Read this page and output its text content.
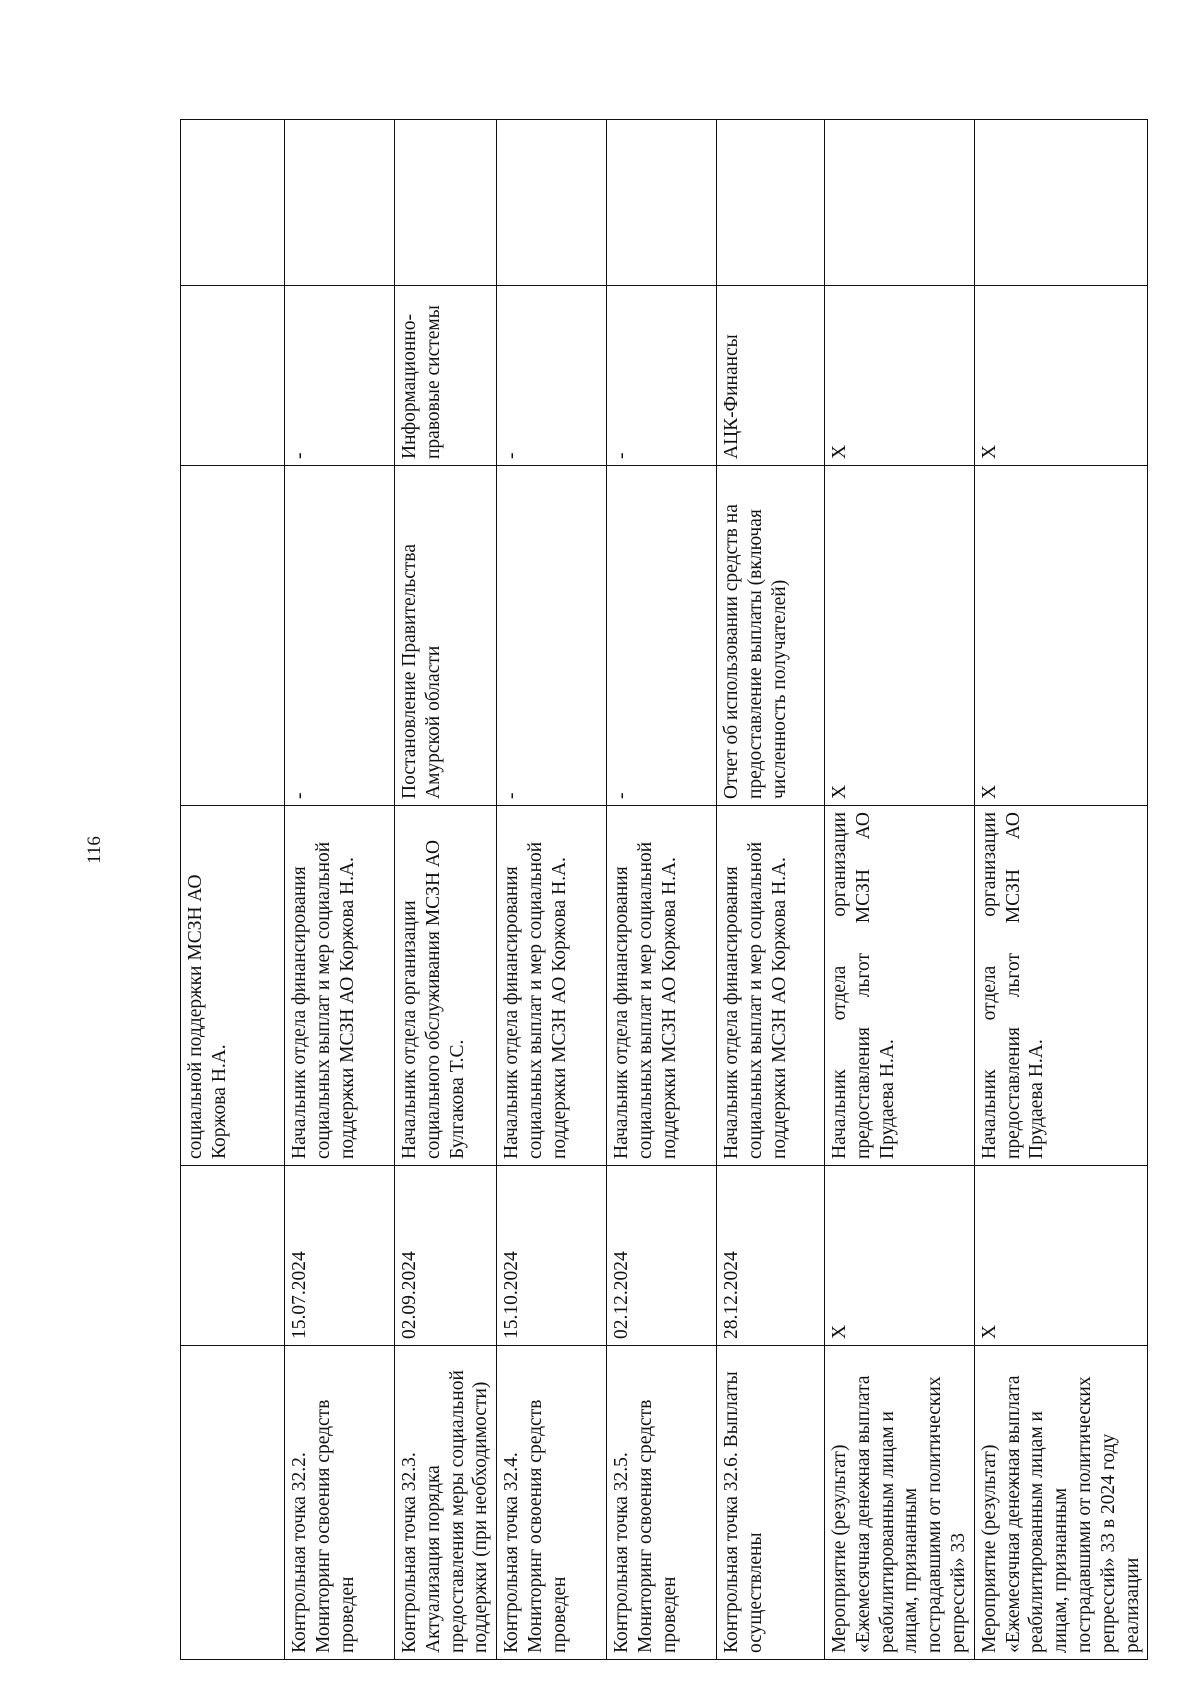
116
		социальной поддержки МСЗН АО Коржова Н.А.			
Контрольная точка 32.2. Мониторинг освоения средств проведен	15.07.2024	Начальник отдела финансирования социальных выплат и мер социальной поддержки МСЗН АО Коржова Н.А.	-	-	
Контрольная точка 32.3. Актуализация порядка предоставления меры социальной поддержки (при необходимости)	02.09.2024	Начальник отдела организации социального обслуживания МСЗН АО Булгакова Т.С.	Постановление Правительства Амурской области	Информационно-правовые системы	
Контрольная точка 32.4. Мониторинг освоения средств проведен	15.10.2024	Начальник отдела финансирования социальных выплат и мер социальной поддержки МСЗН АО Коржова Н.А.	-	-	
Контрольная точка 32.5. Мониторинг освоения средств проведен	02.12.2024	Начальник отдела финансирования социальных выплат и мер социальной поддержки МСЗН АО Коржова Н.А.	-	-	
Контрольная точка 32.6. Выплаты осуществлены	28.12.2024	Начальник отдела финансирования социальных выплат и мер социальной поддержки МСЗН АО Коржова Н.А.	Отчет об использовании средств на предоставление выплаты (включая численность получателей)	АЦК-Финансы	
Мероприятие (результат) «Ежемесячная денежная выплата реабилитированным лицам и лицам, признанным пострадавшими от политических репрессий» 33	X	Начальник отдела организации предоставления льгот МСЗН АО Прудаева Н.А.	X	X	
Мероприятие (результат) «Ежемесячная денежная выплата реабилитированным лицам и лицам, признанным пострадавшими от политических репрессий» 33 в 2024 году реализации	X	Начальник отдела организации предоставления льгот МСЗН АО Прудаева Н.А.	X	X	
